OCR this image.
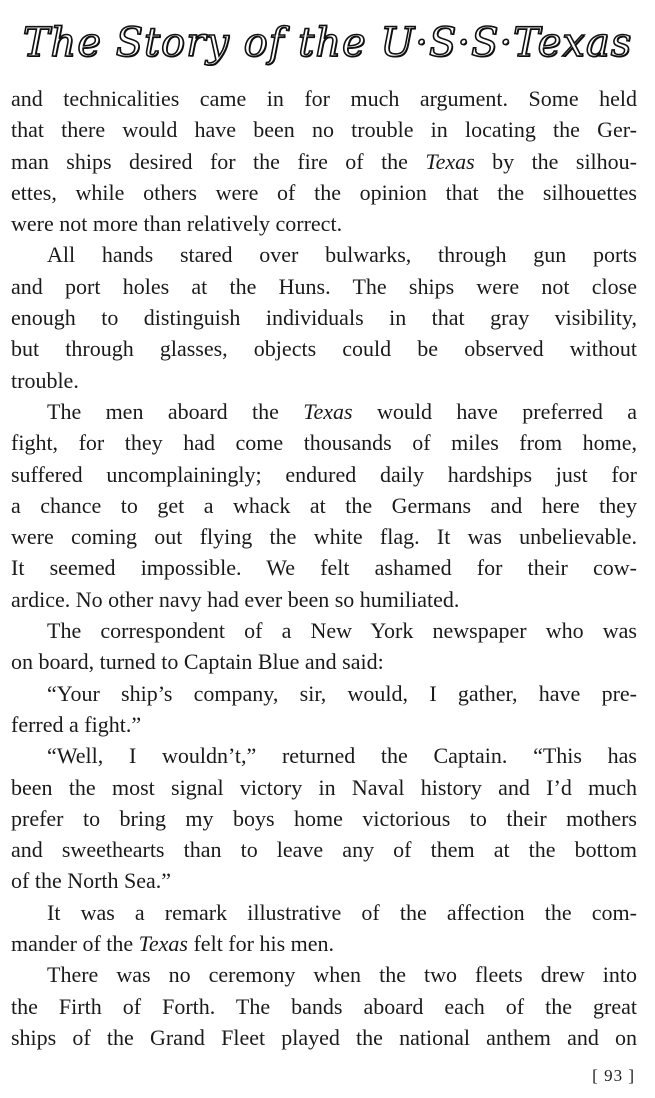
The Story of the U·S·S·Texas
and technicalities came in for much argument. Some held
that there would have been no trouble in locating the Ger-
man ships desired for the fire of the Texas by the silhou-
ettes, while others were of the opinion that the silhouettes
were not more than relatively correct.
All hands stared over bulwarks, through gun ports
and port holes at the Huns. The ships were not close
enough to distinguish individuals in that gray visibility,
but through glasses, objects could be observed without
trouble.
The men aboard the Texas would have preferred a
fight, for they had come thousands of miles from home,
suffered uncomplainingly; endured daily hardships just for
a chance to get a whack at the Germans and here they
were coming out flying the white flag. It was unbelievable.
It seemed impossible. We felt ashamed for their cow-
ardice. No other navy had ever been so humiliated.
The correspondent of a New York newspaper who was
on board, turned to Captain Blue and said:
“Your ship’s company, sir, would, I gather, have pre-
ferred a fight.”
“Well, I wouldn’t,” returned the Captain. “This has
been the most signal victory in Naval history and I’d much
prefer to bring my boys home victorious to their mothers
and sweethearts than to leave any of them at the bottom
of the North Sea.”
It was a remark illustrative of the affection the com-
mander of the Texas felt for his men.
There was no ceremony when the two fleets drew into
the Firth of Forth. The bands aboard each of the great
ships of the Grand Fleet played the national anthem and on
[ 93 ]
